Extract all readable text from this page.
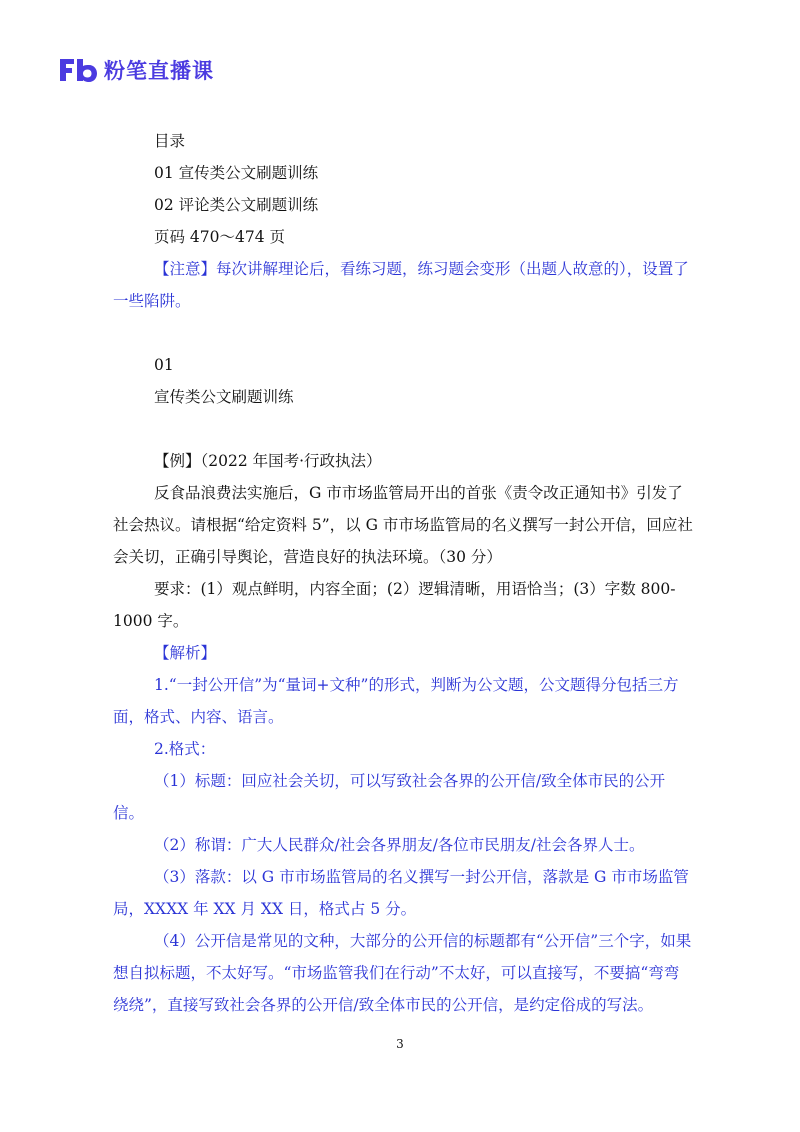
粉笔直播课

目录

01 宣传类公文刷题训练

02 评论类公文刷题训练

页码 470～474 页

【注意】每次讲解理论后，看练习题，练习题会变形（出题人故意的），设置了一些陷阱。

01

宣传类公文刷题训练

【例】（2022 年国考·行政执法）

反食品浪费法实施后，G 市市场监管局开出的首张《责令改正通知书》引发了社会热议。请根据“给定资料 5”，以 G 市市场监管局的名义撰写一封公开信，回应社会关切，正确引导舆论，营造良好的执法环境。（30 分）

要求：(1）观点鲜明，内容全面；(2）逻辑清晰，用语恰当；(3）字数 800-1000 字。

【解析】

1.“一封公开信”为“量词+文种”的形式，判断为公文题，公文题得分包括三方面，格式、内容、语言。

2.格式：

（1）标题：回应社会关切，可以写致社会各界的公开信/致全体市民的公开信。

（2）称谓：广大人民群众/社会各界朋友/各位市民朋友/社会各界人士。

（3）落款：以 G 市市场监管局的名义撰写一封公开信，落款是 G 市市场监管局，XXXX 年 XX 月 XX 日，格式占 5 分。

（4）公开信是常见的文种，大部分的公开信的标题都有“公开信”三个字，如果想自拟标题，不太好写。“市场监管我们在行动”不太好，可以直接写，不要搞“弯弯绕绕”，直接写致社会各界的公开信/致全体市民的公开信，是约定俗成的写法。

3
